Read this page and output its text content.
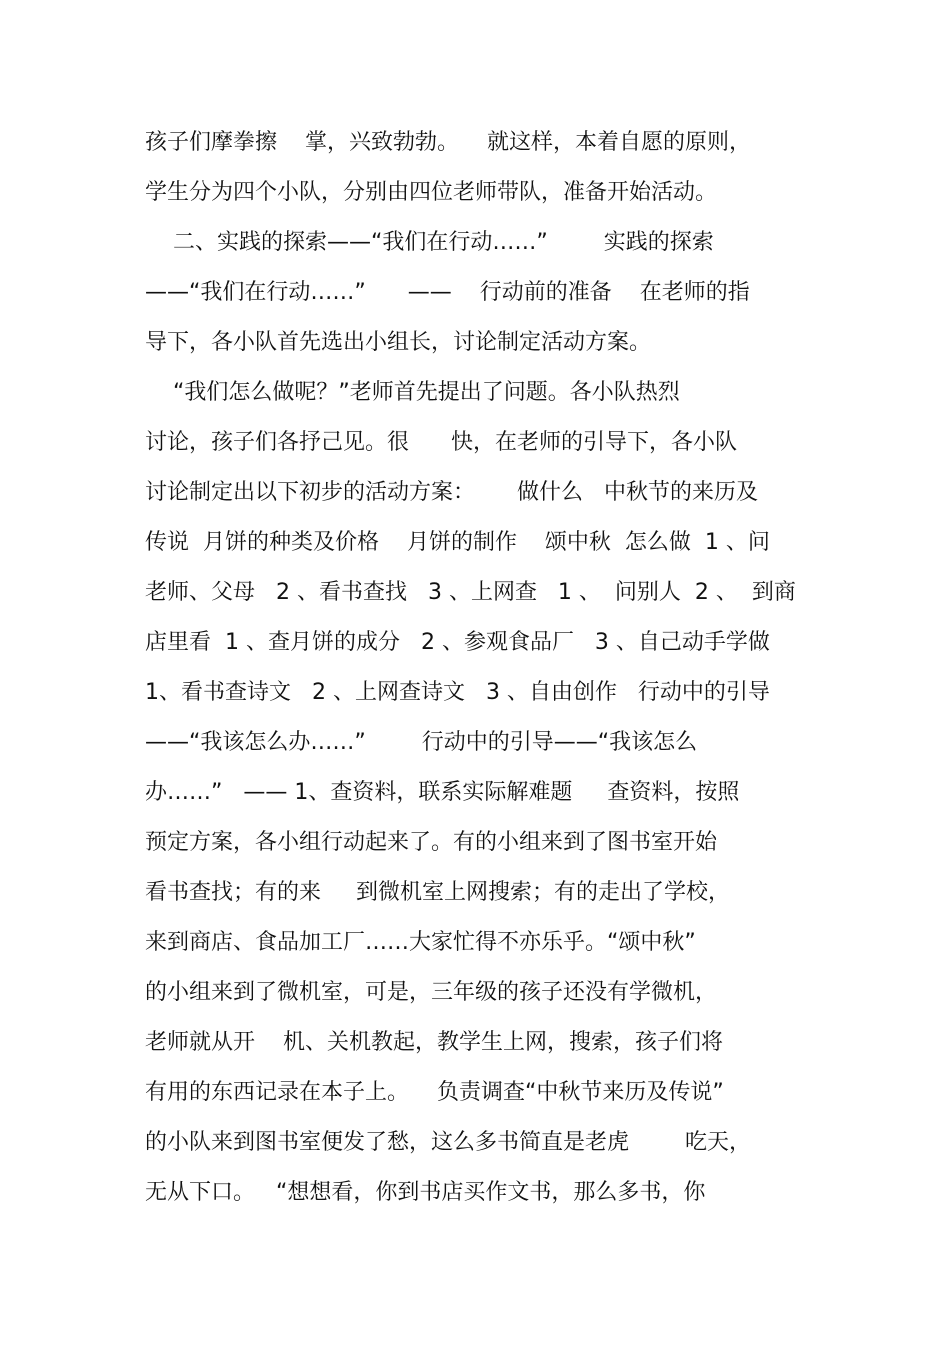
孩子们摩拳擦    掌，兴致勃勃。    就这样，本着自愿的原则，
学生分为四个小队，分别由四位老师带队，准备开始活动。
二、实践的探索——“我们在行动……”        实践的探索
——“我们在行动……”      ——    行动前的准备    在老师的指
导下，各小队首先选出小组长，讨论制定活动方案。
“我们怎么做呢？”老师首先提出了问题。各小队热烈
讨论，孩子们各抒己见。很      快，在老师的引导下，各小队
讨论制定出以下初步的活动方案：      做什么   中秋节的来历及
传说  月饼的种类及价格    月饼的制作    颂中秋  怎么做  1 、问
老师、父母   2 、看书查找   3 、上网查   1 、  问别人  2 、  到商
店里看  1 、查月饼的成分   2 、参观食品厂   3 、自己动手学做
1、看书查诗文   2 、上网查诗文   3 、自由创作   行动中的引导
——“我该怎么办……”        行动中的引导——“我该怎么
办……”   —— 1、查资料，联系实际解难题     查资料，按照
预定方案，各小组行动起来了。有的小组来到了图书室开始
看书查找；有的来     到微机室上网搜索；有的走出了学校，
来到商店、食品加工厂……大家忙得不亦乐乎。“颂中秋”
的小组来到了微机室，可是，三年级的孩子还没有学微机，
老师就从开    机、关机教起，教学生上网，搜索，孩子们将
有用的东西记录在本子上。    负责调查“中秋节来历及传说”
的小队来到图书室便发了愁，这么多书简直是老虎        吃天，
无从下口。   “想想看，你到书店买作文书，那么多书，你
